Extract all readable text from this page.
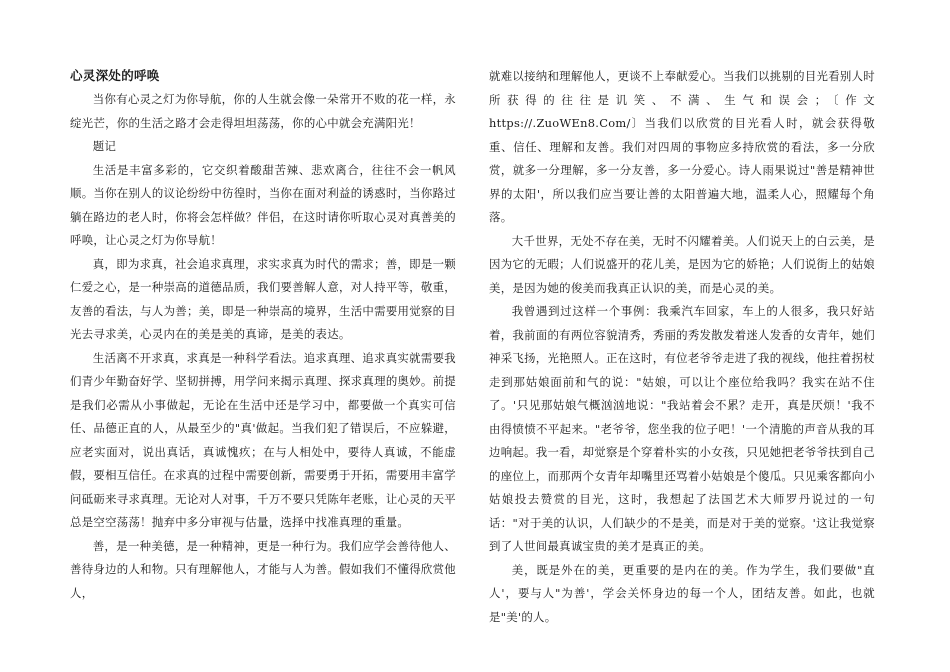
心灵深处的呼唤

当你有心灵之灯为你导航，你的人生就会像一朵常开不败的花一样，永绽光芒，你的生活之路才会走得坦坦荡荡，你的心中就会充满阳光！

题记

生活是丰富多彩的，它交织着酸甜苦辣、悲欢离合，往往不会一帆风顺。当你在别人的议论纷纷中彷徨时，当你在面对利益的诱惑时，当你路过躺在路边的老人时，你将会怎样做？伴侣，在这时请你听取心灵对真善美的呼唤，让心灵之灯为你导航！

真，即为求真，社会追求真理，求实求真为时代的需求；善，即是一颗仁爱之心，是一种崇高的道德品质，我们要善解人意，对人持平等，敬重，友善的看法，与人为善；美，即是一种崇高的境界，生活中需要用觉察的目光去寻求美，心灵内在的美是美的真谛，是美的表达。

生活离不开求真，求真是一种科学看法。追求真理、追求真实就需要我们青少年勤奋好学、坚韧拼搏，用学问来揭示真理、探求真理的奥妙。前提是我们必需从小事做起，无论在生活中还是学习中，都要做一个真实可信任、品德正直的人，从最至少的"真'做起。当我们犯了错误后，不应躲避，应老实面对，说出真话，真诚愧疚；在与人相处中，要待人真诚，不能虚假，要相互信任。在求真的过程中需要创新，需要勇于开拓，需要用丰富学问砥砺来寻求真理。无论对人对事，千万不要只凭陈年老账，让心灵的天平总是空空荡荡！抛弃中多分审视与估量，选择中找准真理的重量。

善，是一种美德，是一种精神，更是一种行为。我们应学会善待他人、善待身边的人和物。只有理解他人，才能与人为善。假如我们不懂得欣赏他人，

就难以接纳和理解他人，更谈不上奉献爱心。当我们以挑剔的目光看别人时所获得的往往是讥笑、不满、生气和误会；〔作文https://.ZuoWEn8.Com/〕当我们以欣赏的目光看人时，就会获得敬重、信任、理解和友善。我们对四周的事物应多持欣赏的看法，多一分欣赏，就多一分理解，多一分友善，多一分爱心。诗人雨果说过"善是精神世界的太阳'，所以我们应当要让善的太阳普遍大地，温柔人心，照耀每个角落。

大千世界，无处不存在美，无时不闪耀着美。人们说天上的白云美，是因为它的无暇；人们说盛开的花儿美，是因为它的娇艳；人们说街上的姑娘美，是因为她的俊美而我真正认识的美，而是心灵的美。

我曾遇到过这样一个事例：我乘汽车回家，车上的人很多，我只好站着，我前面的有两位容貌清秀，秀丽的秀发散发着迷人发香的女青年，她们神采飞扬，光艳照人。正在这时，有位老爷爷走进了我的视线，他拄着拐杖走到那姑娘面前和气的说："姑娘，可以让个座位给我吗？我实在站不住了。'只见那姑娘气概汹汹地说："我站着会不累？走开，真是厌烦！'我不由得愤愤不平起来。"老爷爷，您坐我的位子吧！'一个清脆的声音从我的耳边响起。我一看，却觉察是个穿着朴实的小女孩，只见她把老爷爷扶到自己的座位上，而那两个女青年却嘴里还骂着小姑娘是个傻瓜。只见乘客都向小姑娘投去赞赏的目光，这时，我想起了法国艺术大师罗丹说过的一句话："对于美的认识，人们缺少的不是美，而是对于美的觉察。'这让我觉察到了人世间最真诚宝贵的美才是真正的美。

美，既是外在的美，更重要的是内在的美。作为学生，我们要做"直人'，要与人"为善'，学会关怀身边的每一个人，团结友善。如此，也就是"美'的人。
